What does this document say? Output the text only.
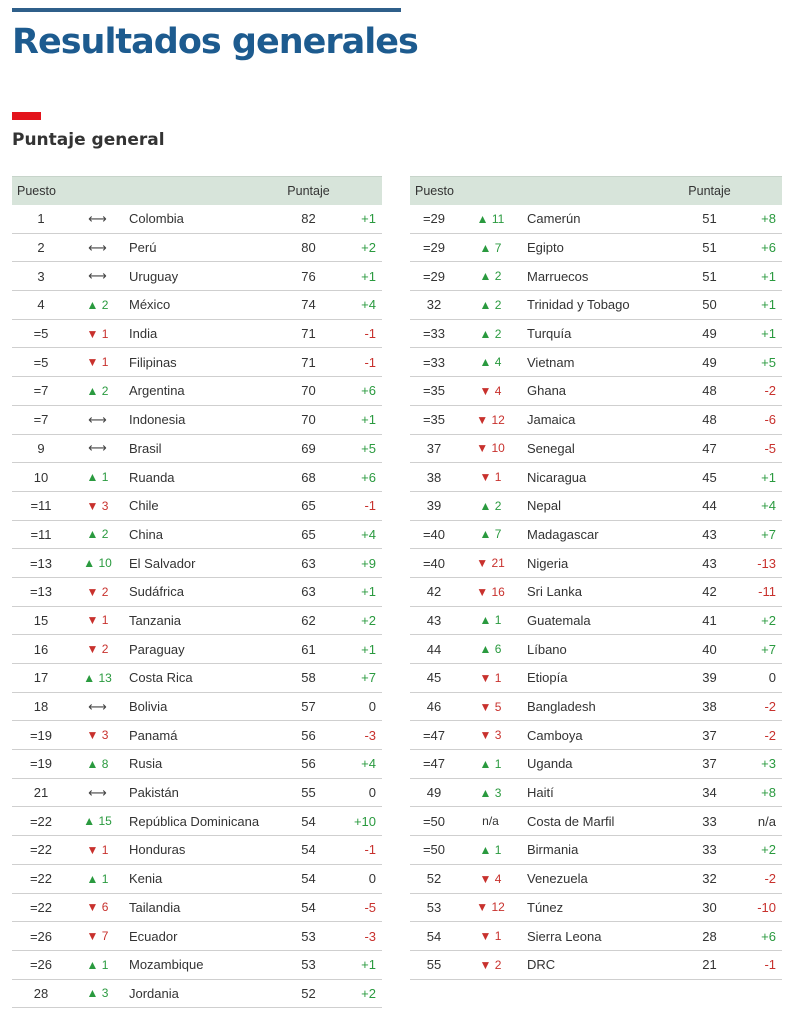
Resultados generales
Puntaje general
Puesto			Puntaje	
1	⟷	Colombia	82	+1
2	⟷	Perú	80	+2
3	⟷	Uruguay	76	+1
4	▲ 2	México	74	+4
=5	▼ 1	India	71	-1
=5	▼ 1	Filipinas	71	-1
=7	▲ 2	Argentina	70	+6
=7	⟷	Indonesia	70	+1
9	⟷	Brasil	69	+5
10	▲ 1	Ruanda	68	+6
=11	▼ 3	Chile	65	-1
=11	▲ 2	China	65	+4
=13	▲ 10	El Salvador	63	+9
=13	▼ 2	Sudáfrica	63	+1
15	▼ 1	Tanzania	62	+2
16	▼ 2	Paraguay	61	+1
17	▲ 13	Costa Rica	58	+7
18	⟷	Bolivia	57	0
=19	▼ 3	Panamá	56	-3
=19	▲ 8	Rusia	56	+4
21	⟷	Pakistán	55	0
=22	▲ 15	República Dominicana	54	+10
=22	▼ 1	Honduras	54	-1
=22	▲ 1	Kenia	54	0
=22	▼ 6	Tailandia	54	-5
=26	▼ 7	Ecuador	53	-3
=26	▲ 1	Mozambique	53	+1
28	▲ 3	Jordania	52	+2
Puesto			Puntaje	
=29	▲ 11	Camerún	51	+8
=29	▲ 7	Egipto	51	+6
=29	▲ 2	Marruecos	51	+1
32	▲ 2	Trinidad y Tobago	50	+1
=33	▲ 2	Turquía	49	+1
=33	▲ 4	Vietnam	49	+5
=35	▼ 4	Ghana	48	-2
=35	▼ 12	Jamaica	48	-6
37	▼ 10	Senegal	47	-5
38	▼ 1	Nicaragua	45	+1
39	▲ 2	Nepal	44	+4
=40	▲ 7	Madagascar	43	+7
=40	▼ 21	Nigeria	43	-13
42	▼ 16	Sri Lanka	42	-11
43	▲ 1	Guatemala	41	+2
44	▲ 6	Líbano	40	+7
45	▼ 1	Etiopía	39	0
46	▼ 5	Bangladesh	38	-2
=47	▼ 3	Camboya	37	-2
=47	▲ 1	Uganda	37	+3
49	▲ 3	Haití	34	+8
=50	n/a	Costa de Marfil	33	n/a
=50	▲ 1	Birmania	33	+2
52	▼ 4	Venezuela	32	-2
53	▼ 12	Túnez	30	-10
54	▼ 1	Sierra Leona	28	+6
55	▼ 2	DRC	21	-1
